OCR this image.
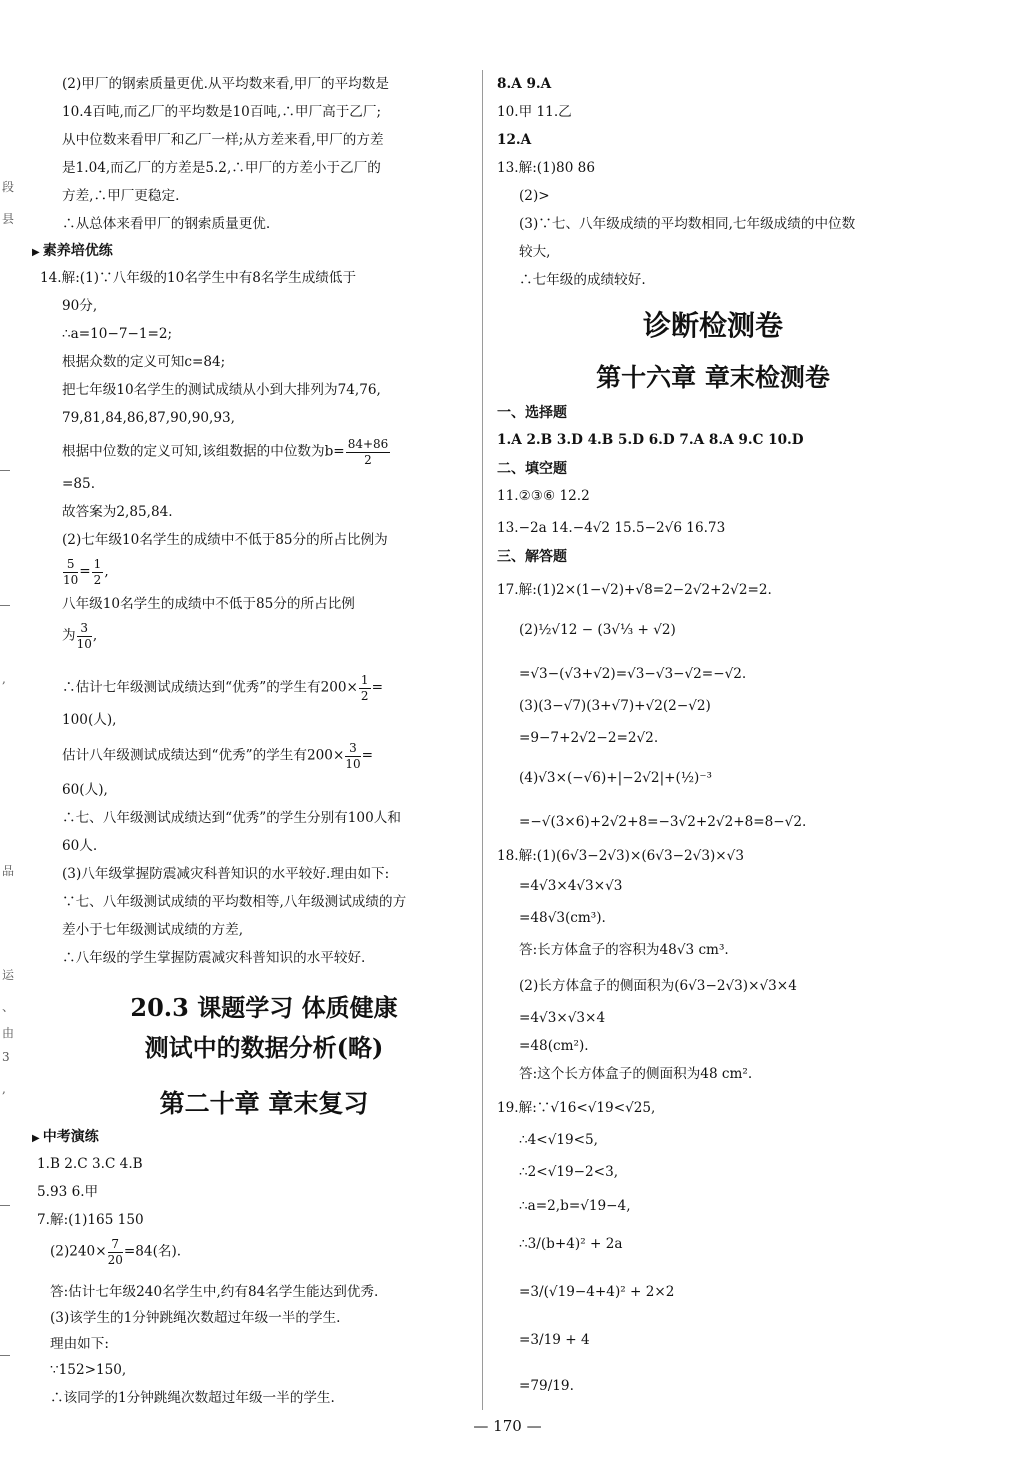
段
县
,
品
运
、
由
3
,
(2)甲厂的钢索质量更优.从平均数来看,甲厂的平均数是
10.4百吨,而乙厂的平均数是10百吨,∴甲厂高于乙厂;
从中位数来看甲厂和乙厂一样;从方差来看,甲厂的方差
是1.04,而乙厂的方差是5.2,∴甲厂的方差小于乙厂的
方差,∴甲厂更稳定.
∴从总体来看甲厂的钢索质量更优.
▶ 素养培优练
14.解:(1)∵八年级的10名学生中有8名学生成绩低于
90分,
∴a=10−7−1=2;
根据众数的定义可知c=84;
把七年级10名学生的测试成绩从小到大排列为74,76,
79,81,84,86,87,90,90,93,
根据中位数的定义可知,该组数据的中位数为$b= \frac{84+86}{2}$
=85.
故答案为2,85,84.
(2)七年级10名学生的成绩中不低于85分的所占比例为
$\frac{5}{10} = \frac{1}{2}$ ,
八年级10名学生的成绩中不低于85分的所占比例
为 $\frac{3}{10}$ ,
∴估计七年级测试成绩达到“优秀”的学生有$200\times \frac{1}{2}$ =
100(人),
估计八年级测试成绩达到“优秀”的学生有$200\times \frac{3}{10}$ =
60(人),
∴七、八年级测试成绩达到“优秀”的学生分别有100人和
60人.
(3)八年级掌握防震减灾科普知识的水平较好.理由如下:
∵七、八年级测试成绩的平均数相等,八年级测试成绩的方
差小于七年级测试成绩的方差,
∴八年级的学生掌握防震减灾科普知识的水平较好.
20.3 课题学习 体质健康
测试中的数据分析(略)
第二十章 章末复习
▶ 中考演练
1.B 2.C 3.C 4.B
5.93 6.甲
7.解:(1)165 150
$(2)240\times \frac{7}{20} =84$(名).
答:估计七年级240名学生中,约有84名学生能达到优秀.
(3)该学生的1分钟跳绳次数超过年级一半的学生.
理由如下:
∵152>150,
∴该同学的1分钟跳绳次数超过年级一半的学生.
8.A 9.A
10.甲 11.乙
12.A
13.解:(1)80 86
(2)>
(3)∵七、八年级成绩的平均数相同,七年级成绩的中位数
较大,
∴七年级的成绩较好.
诊断检测卷
第十六章 章末检测卷
一、选择题
1.A 2.B 3.D 4.B 5.D 6.D 7.A 8.A 9.C 10.D
二、填空题
11.②③⑥ 12.2
13.−2a 14.−4√2 15.5−2√6 16.73
三、解答题
17.解:(1)2×(1−√2)+√8=2−2√2+2√2=2.
(2)½√12 − (3√⅓ + √2)
=√3−(√3+√2)=√3−√3−√2=−√2.
(3)(3−√7)(3+√7)+√2(2−√2)
=9−7+2√2−2=2√2.
(4)√3×(−√6)+|−2√2|+(½)⁻³
=−√(3×6)+2√2+8=−3√2+2√2+8=8−√2.
18.解:(1)(6√3−2√3)×(6√3−2√3)×√3
=4√3×4√3×√3
=48√3(cm³).
答:长方体盒子的容积为48√3 cm³.
(2)长方体盒子的侧面积为(6√3−2√3)×√3×4
=4√3×√3×4
=48(cm²).
答:这个长方体盒子的侧面积为48 cm².
19.解:∵√16<√19<√25,
∴4<√19<5,
∴2<√19−2<3,
∴a=2,b=√19−4,
∴3/(b+4)² + 2a
=3/(√19−4+4)² + 2×2
=3/19 + 4
=79/19.
— 170 —
